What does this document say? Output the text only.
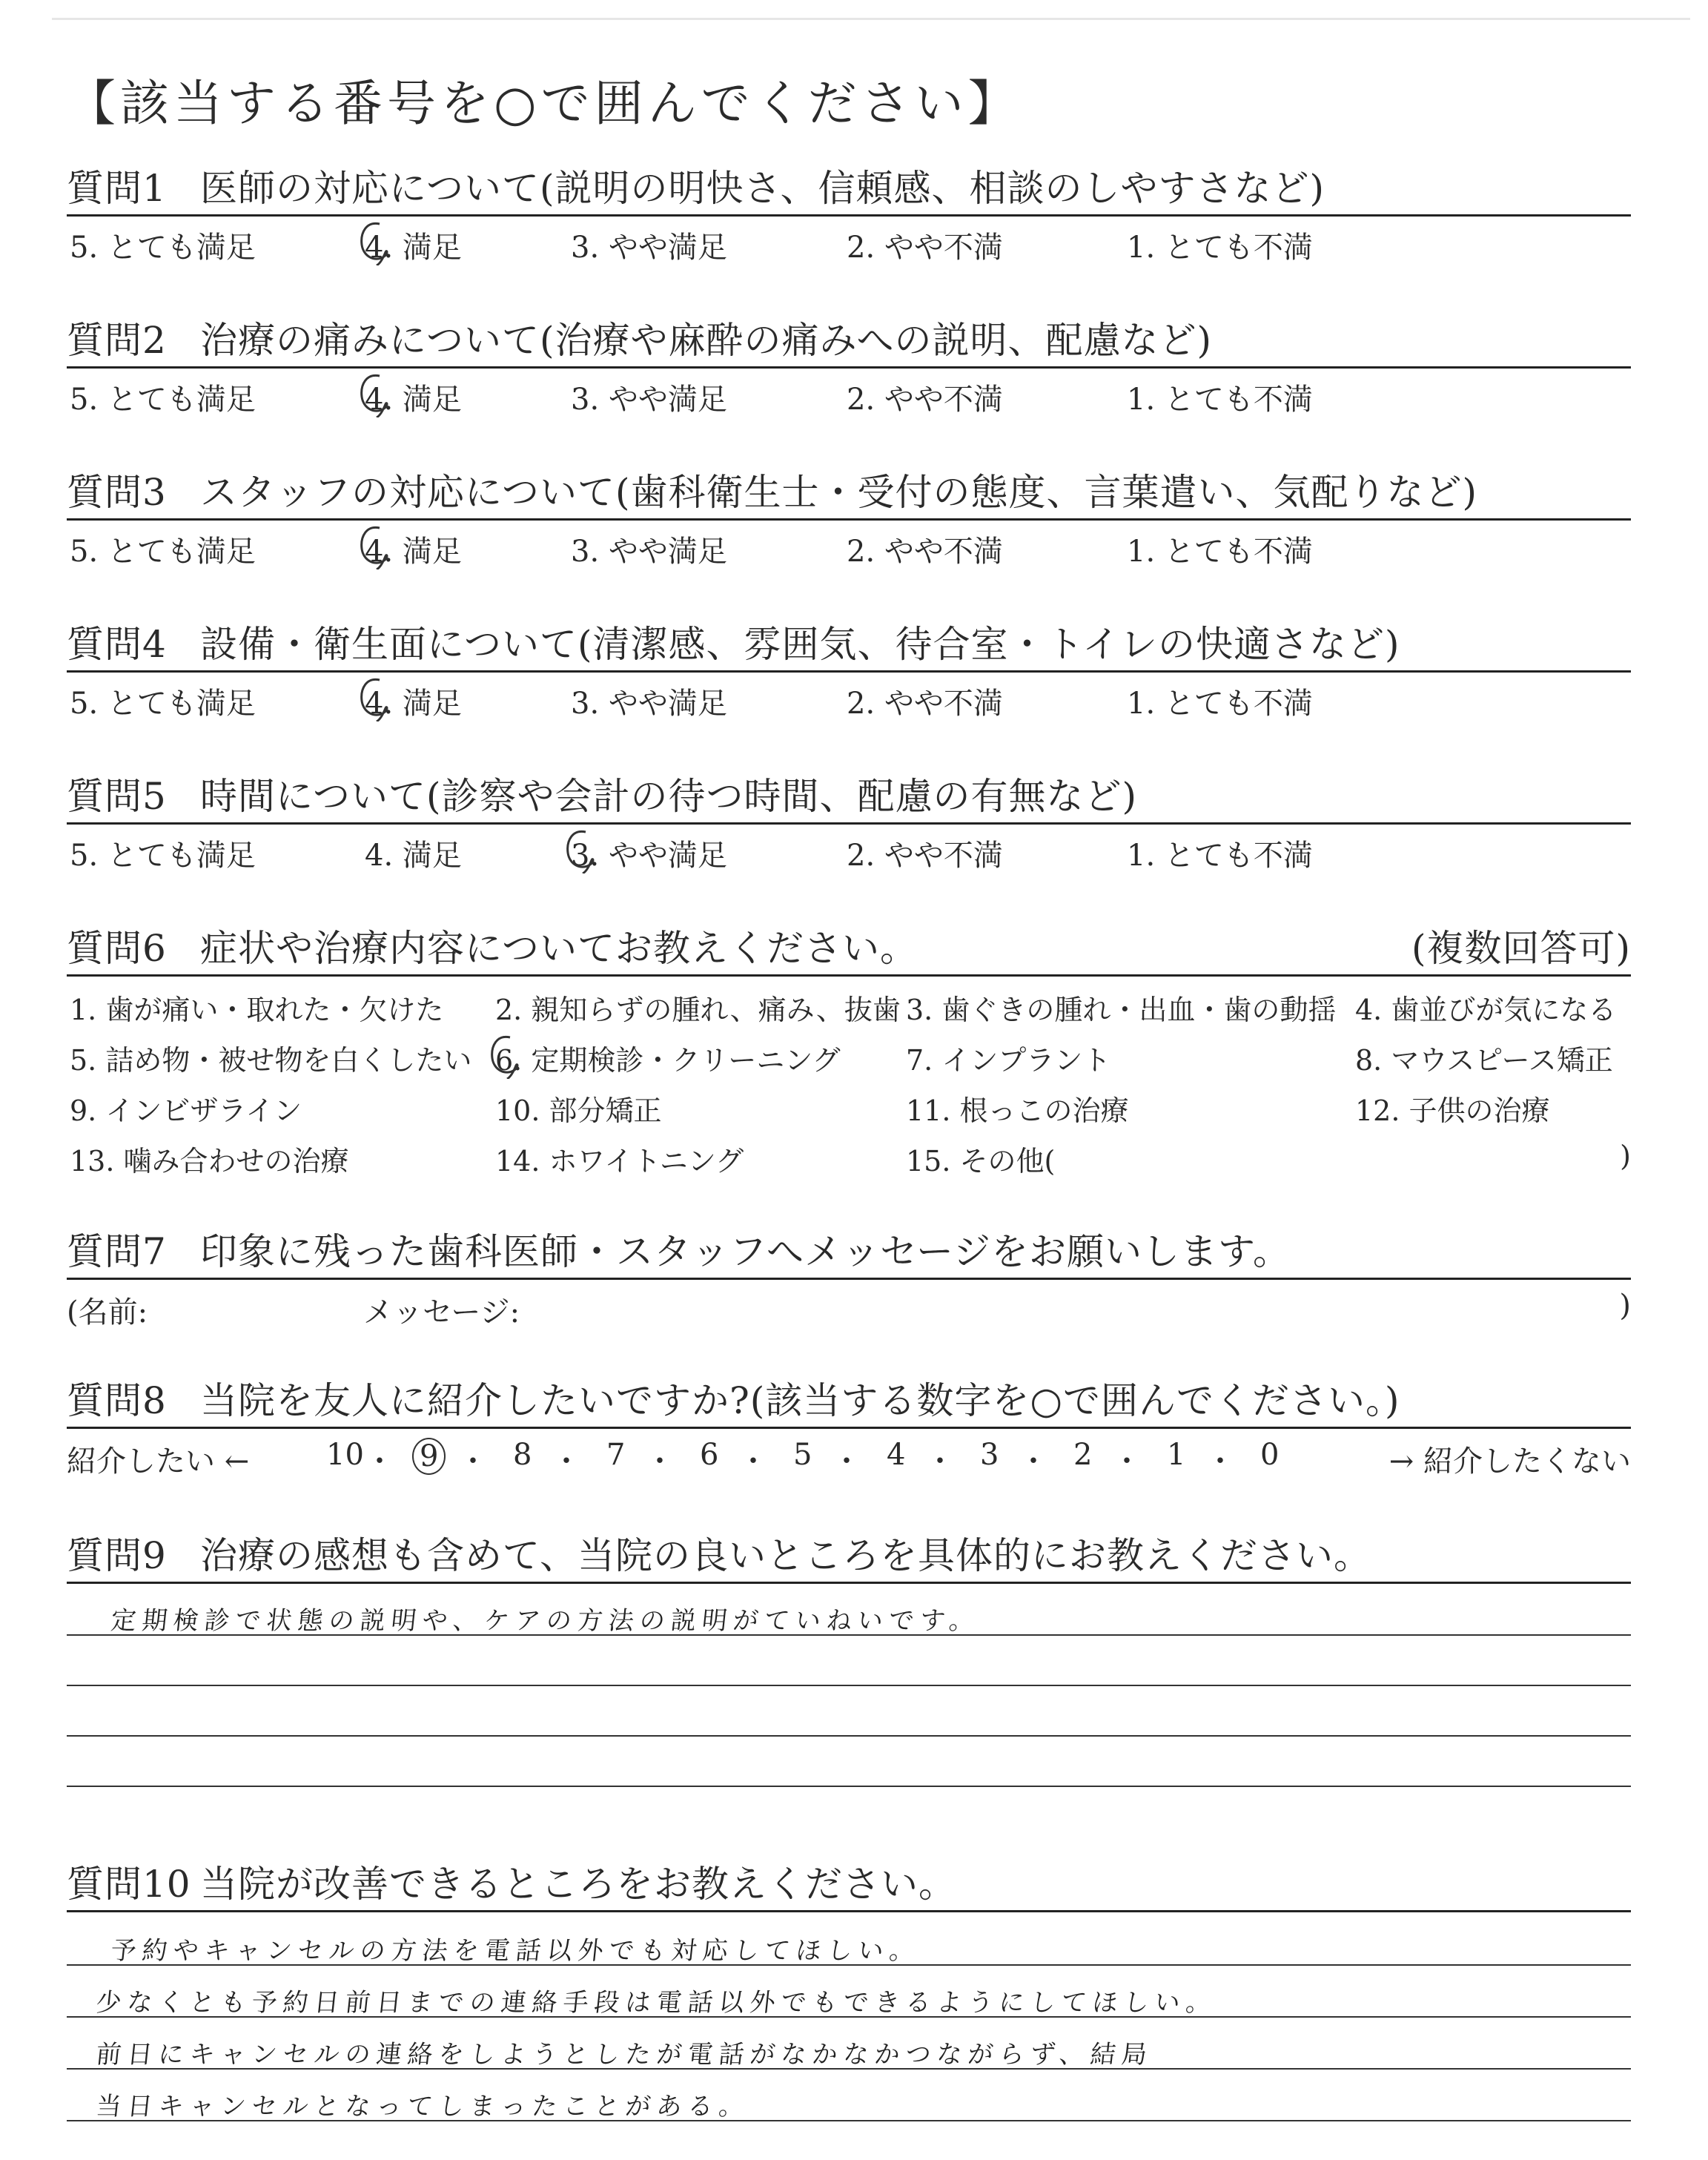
【該当する番号を○で囲んでください】
質問1 医師の対応について(説明の明快さ、信頼感、相談のしやすさなど)
5. とても満足	4. 満足	3. やや満足	2. やや不満	1. とても不満
質問2 治療の痛みについて(治療や麻酔の痛みへの説明、配慮など)
5. とても満足	4. 満足	3. やや満足	2. やや不満	1. とても不満
質問3 スタッフの対応について(歯科衛生士・受付の態度、言葉遣い、気配りなど)
5. とても満足	4. 満足	3. やや満足	2. やや不満	1. とても不満
質問4 設備・衛生面について(清潔感、雰囲気、待合室・トイレの快適さなど)
5. とても満足	4. 満足	3. やや満足	2. やや不満	1. とても不満
質問5 時間について(診察や会計の待つ時間、配慮の有無など)
5. とても満足	4. 満足	3. やや満足	2. やや不満	1. とても不満
質問6 症状や治療内容についてお教えください。	(複数回答可)
1. 歯が痛い・取れた・欠けた 2. 親知らずの腫れ、痛み、抜歯 3. 歯ぐきの腫れ・出血・歯の動揺 4. 歯並びが気になる
5. 詰め物・被せ物を白くしたい 6. 定期検診・クリーニング 7. インプラント	8. マウスピース矯正
9. インビザライン	10. 部分矯正	11. 根っこの治療	12. 子供の治療
13. 噛み合わせの治療	14. ホワイトニング	15. その他(	)
質問7 印象に残った歯科医師・スタッフへメッセージをお願いします。
(名前:	メッセージ:	)
質問8 当院を友人に紹介したいですか?(該当する数字を○で囲んでください。)
紹介したい ←	→ 紹介したくない
10 ・ 9 ・ 8 ・ 7 ・ 6 ・ 5 ・ 4 ・ 3 ・ 2 ・ 1 ・ 0
質問9 治療の感想も含めて、当院の良いところを具体的にお教えください。
定期検診で状態の説明や、ケアの方法の説明がていねいです。
質問10 当院が改善できるところをお教えください。
予約やキャンセルの方法を電話以外でも対応してほしい。
少なくとも予約日前日までの連絡手段は電話以外でもできるようにしてほしい。
前日にキャンセルの連絡をしようとしたが電話がなかなかつながらず、結局
当日キャンセルとなってしまったことがある。
